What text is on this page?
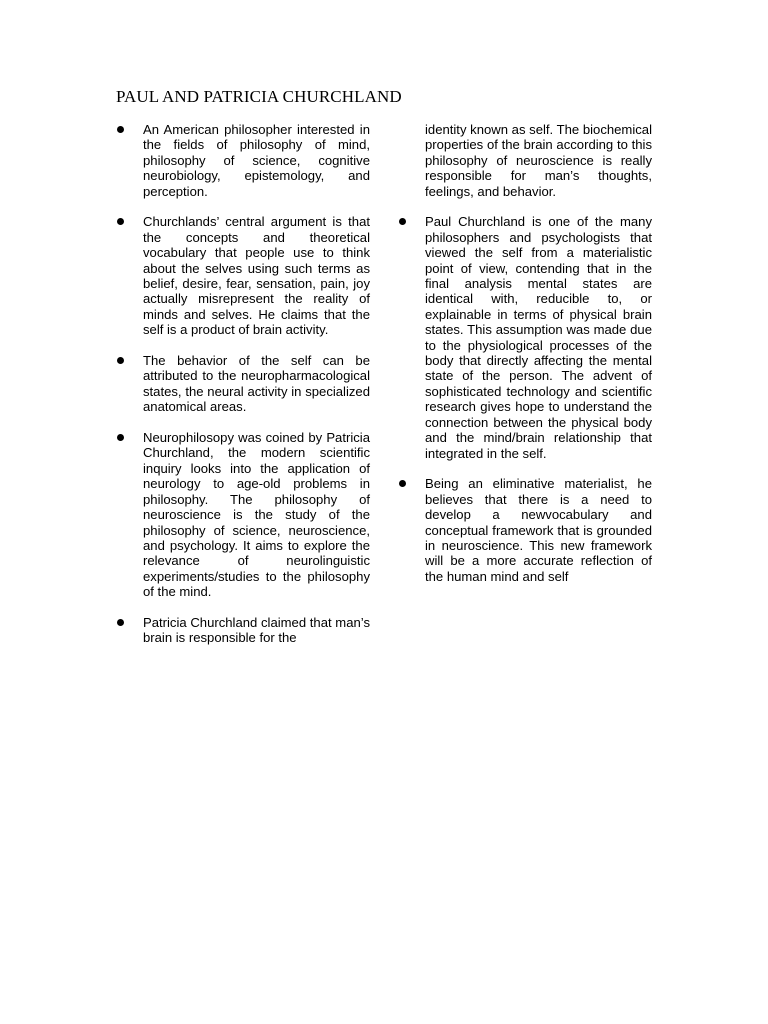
PAUL AND PATRICIA CHURCHLAND
An American philosopher interested in the fields of philosophy of mind, philosophy of science, cognitive neurobiology, epistemology, and perception.
Churchlands’ central argument is that the concepts and theoretical vocabulary that people use to think about the selves using such terms as belief, desire, fear, sensation, pain, joy actually misrepresent the reality of minds and selves. He claims that the self is a product of brain activity.
The behavior of the self can be attributed to the neuropharmacological states, the neural activity in specialized anatomical areas.
Neurophilosopy was coined by Patricia Churchland, the modern scientific inquiry looks into the application of neurology to age-old problems in philosophy. The philosophy of neuroscience is the study of the philosophy of science, neuroscience, and psychology. It aims to explore the relevance of neurolinguistic experiments/studies to the philosophy of the mind.
Patricia Churchland claimed that man’s brain is responsible for the
identity known as self. The biochemical properties of the brain according to this philosophy of neuroscience is really responsible for man’s thoughts, feelings, and behavior.
Paul Churchland is one of the many philosophers and psychologists that viewed the self from a materialistic point of view, contending that in the final analysis mental states are identical with, reducible to, or explainable in terms of physical brain states. This assumption was made due to the physiological processes of the body that directly affecting the mental state of the person. The advent of sophisticated technology and scientific research gives hope to understand the connection between the physical body and the mind/brain relationship that integrated in the self.
Being an eliminative materialist, he believes that there is a need to develop a newvocabulary and conceptual framework that is grounded in neuroscience. This new framework will be a more accurate reflection of the human mind and self
